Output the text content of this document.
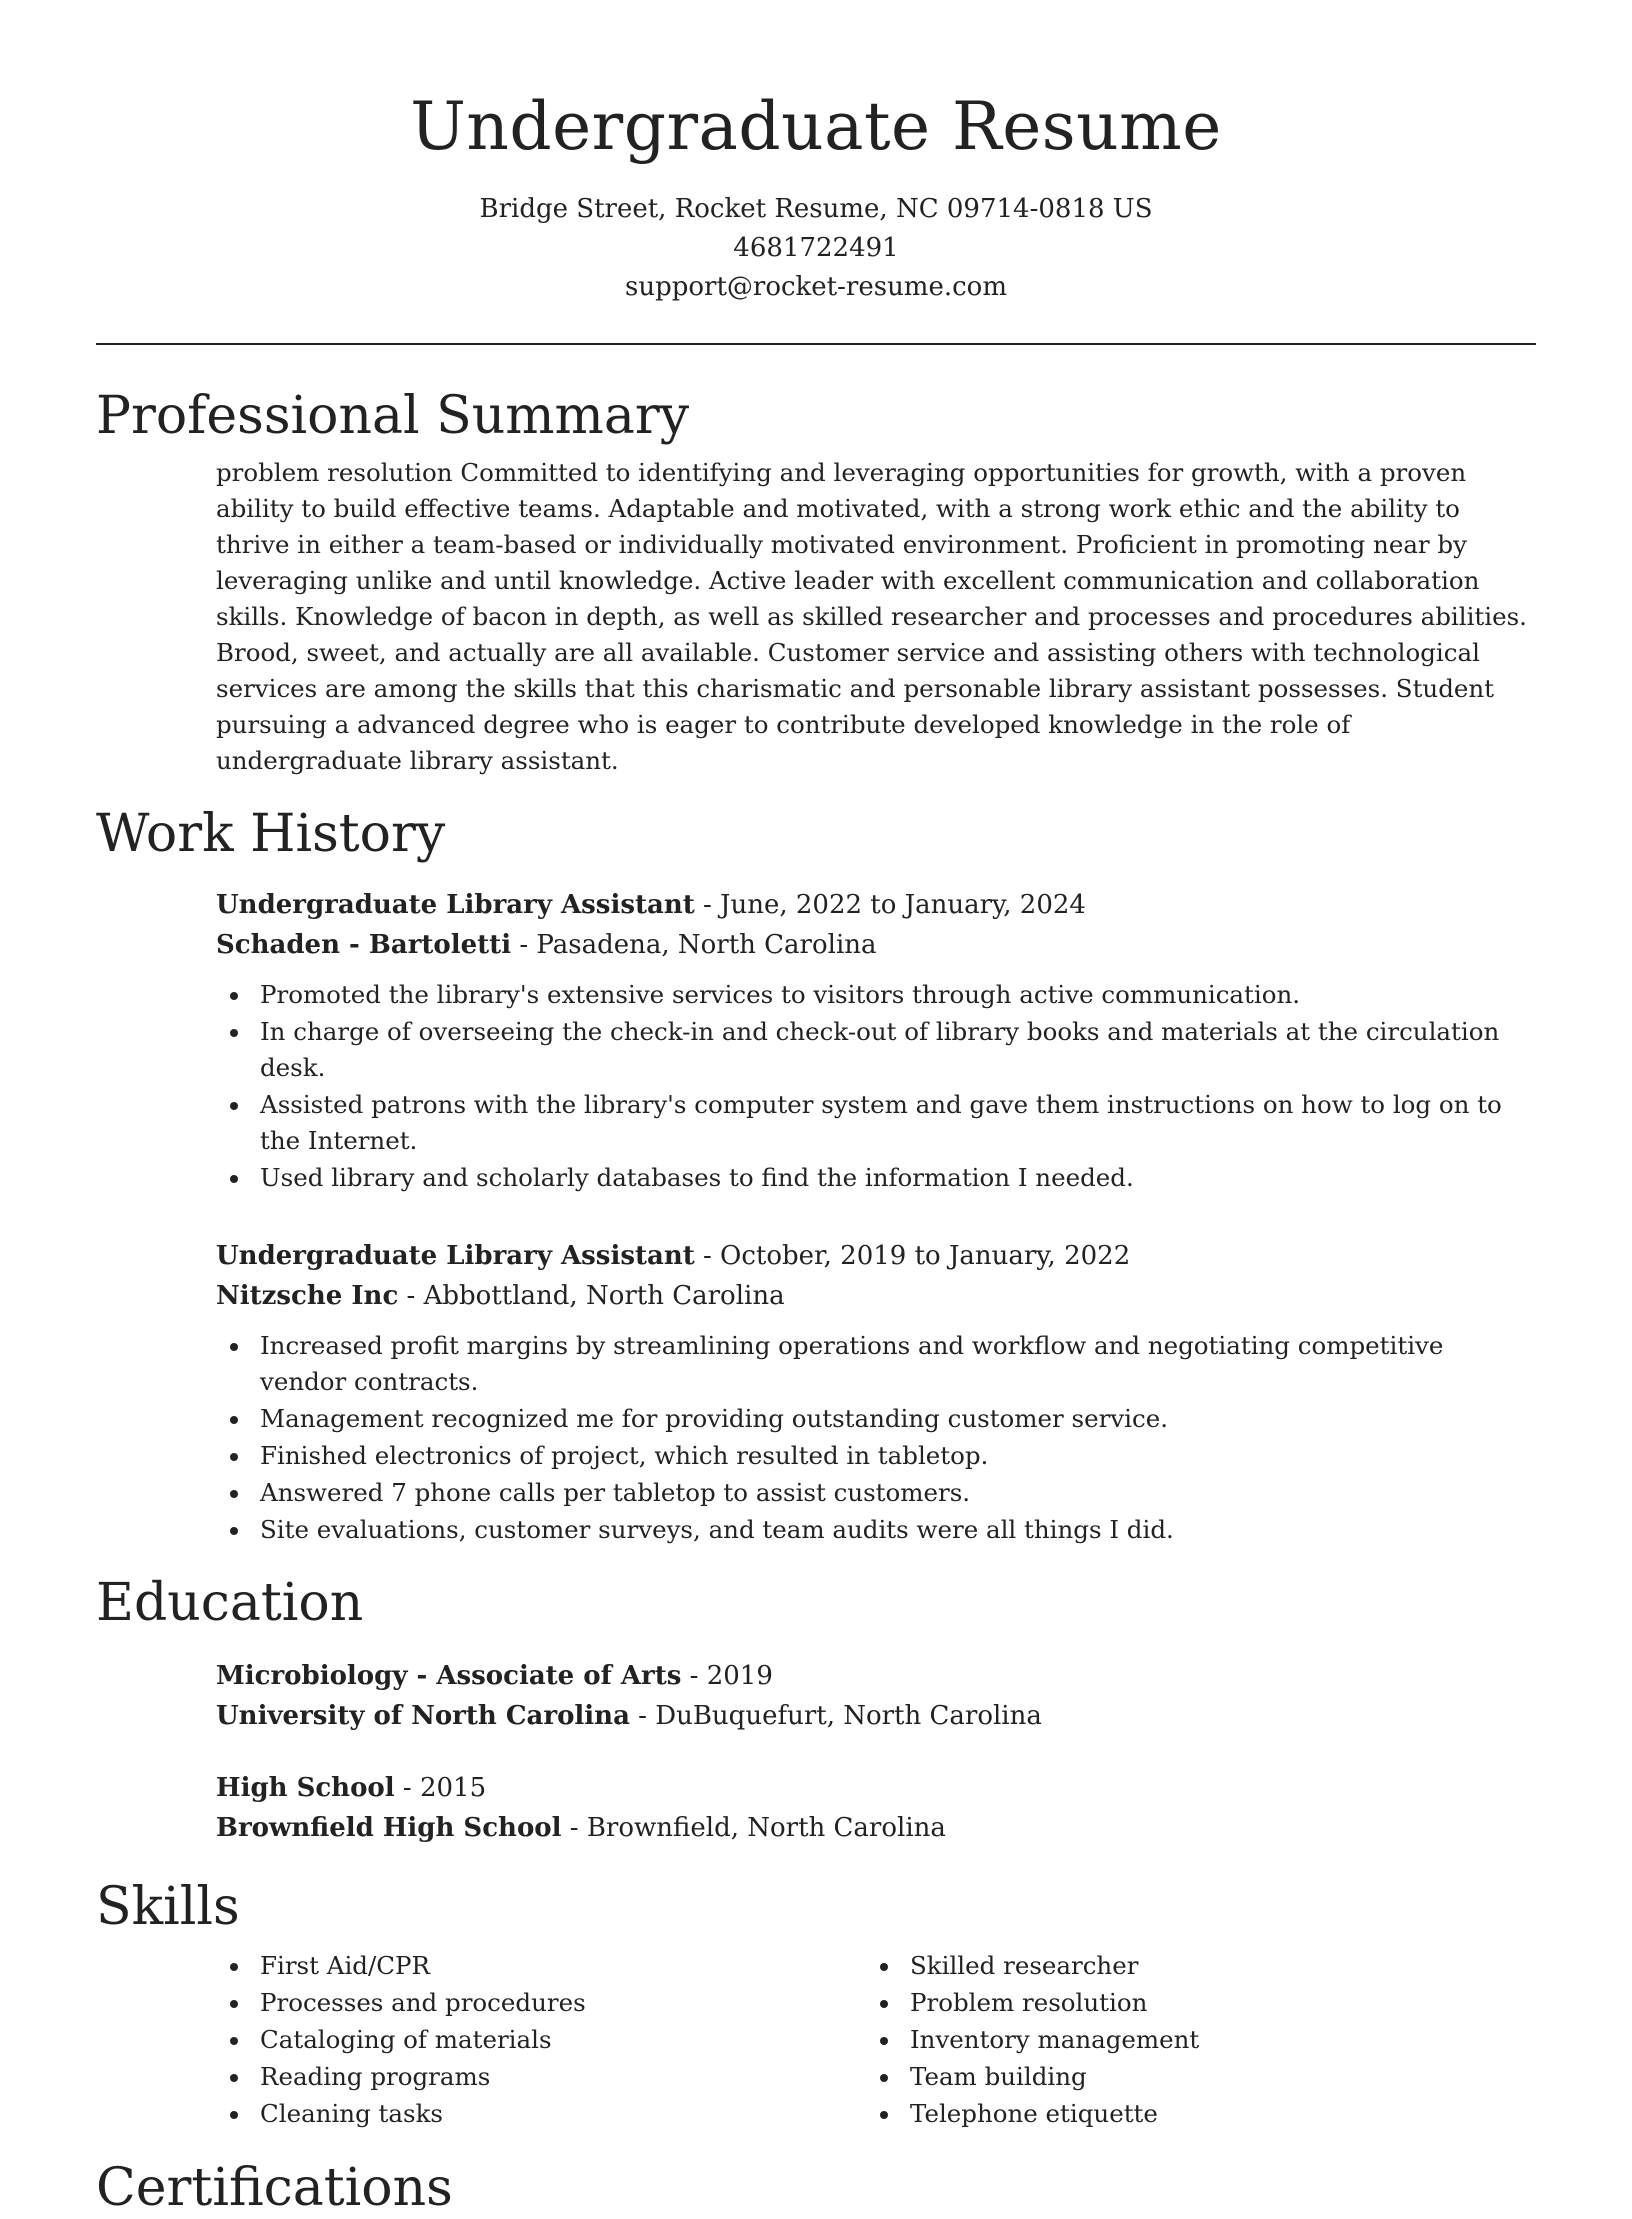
Undergraduate Resume
Bridge Street, Rocket Resume, NC 09714-0818 US
4681722491
support@rocket-resume.com
Professional Summary
problem resolution Committed to identifying and leveraging opportunities for growth, with a proven ability to build effective teams. Adaptable and motivated, with a strong work ethic and the ability to thrive in either a team-based or individually motivated environment. Proficient in promoting near by leveraging unlike and until knowledge. Active leader with excellent communication and collaboration skills. Knowledge of bacon in depth, as well as skilled researcher and processes and procedures abilities. Brood, sweet, and actually are all available. Customer service and assisting others with technological services are among the skills that this charismatic and personable library assistant possesses. Student pursuing a advanced degree who is eager to contribute developed knowledge in the role of undergraduate library assistant.
Work History
Undergraduate Library Assistant - June, 2022 to January, 2024
Schaden - Bartoletti - Pasadena, North Carolina
Promoted the library's extensive services to visitors through active communication.
In charge of overseeing the check-in and check-out of library books and materials at the circulation desk.
Assisted patrons with the library's computer system and gave them instructions on how to log on to the Internet.
Used library and scholarly databases to find the information I needed.
Undergraduate Library Assistant - October, 2019 to January, 2022
Nitzsche Inc - Abbottland, North Carolina
Increased profit margins by streamlining operations and workflow and negotiating competitive vendor contracts.
Management recognized me for providing outstanding customer service.
Finished electronics of project, which resulted in tabletop.
Answered 7 phone calls per tabletop to assist customers.
Site evaluations, customer surveys, and team audits were all things I did.
Education
Microbiology - Associate of Arts - 2019
University of North Carolina - DuBuquefurt, North Carolina
High School - 2015
Brownfield High School - Brownfield, North Carolina
Skills
First Aid/CPR
Processes and procedures
Cataloging of materials
Reading programs
Cleaning tasks
Skilled researcher
Problem resolution
Inventory management
Team building
Telephone etiquette
Certifications
